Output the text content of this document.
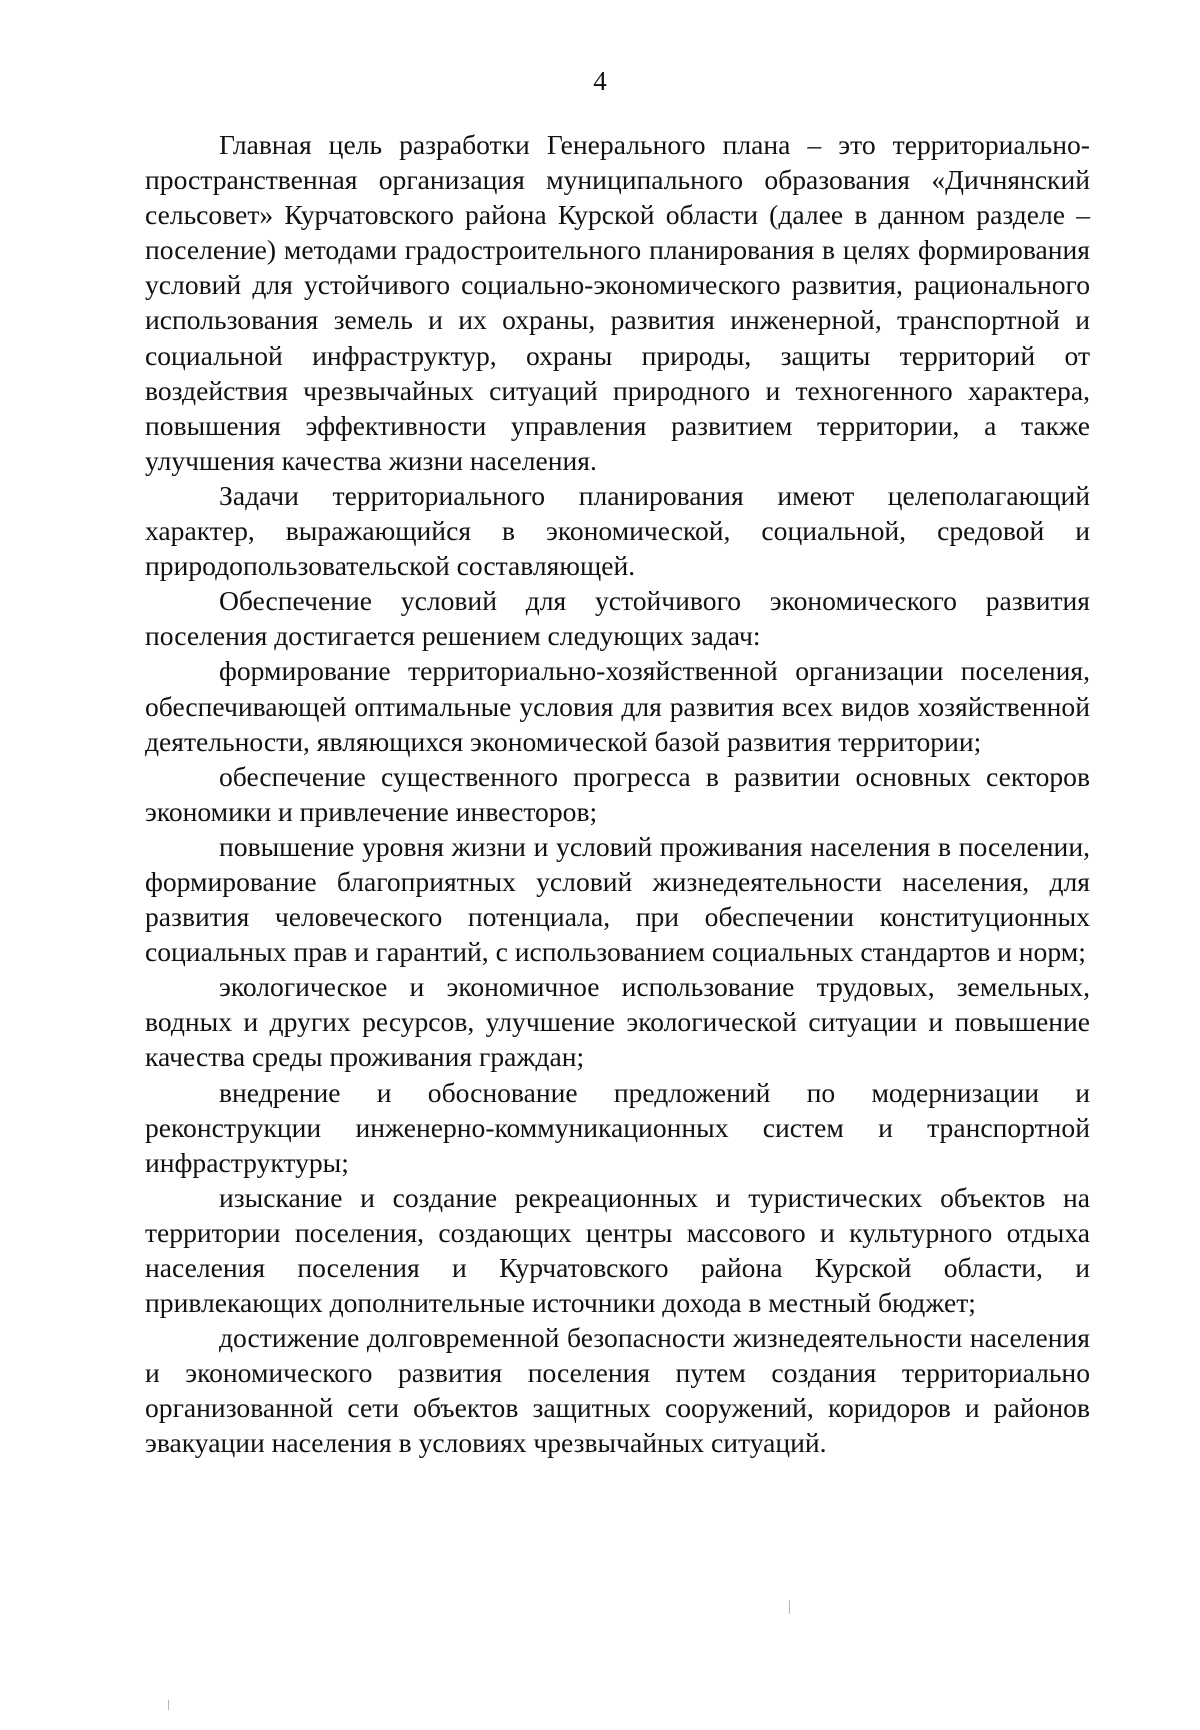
4

Главная цель разработки Генерального плана – это территориально-пространственная организация муниципального образования «Дичнянский сельсовет» Курчатовского района Курской области (далее в данном разделе – поселение) методами градостроительного планирования в целях формирования условий для устойчивого социально-экономического развития, рационального использования земель и их охраны, развития инженерной, транспортной и социальной инфраструктур, охраны природы, защиты территорий от воздействия чрезвычайных ситуаций природного и техногенного характера, повышения эффективности управления развитием территории, а также улучшения качества жизни населения.

Задачи территориального планирования имеют целеполагающий характер, выражающийся в экономической, социальной, средовой и природопользовательской составляющей.

Обеспечение условий для устойчивого экономического развития поселения достигается решением следующих задач:

формирование территориально-хозяйственной организации поселения, обеспечивающей оптимальные условия для развития всех видов хозяйственной деятельности, являющихся экономической базой развития территории;

обеспечение существенного прогресса в развитии основных секторов экономики и привлечение инвесторов;

повышение уровня жизни и условий проживания населения в поселении, формирование благоприятных условий жизнедеятельности населения, для развития человеческого потенциала, при обеспечении конституционных социальных прав и гарантий, с использованием социальных стандартов и норм;

экологическое и экономичное использование трудовых, земельных, водных и других ресурсов, улучшение экологической ситуации и повышение качества среды проживания граждан;

внедрение и обоснование предложений по модернизации и реконструкции инженерно-коммуникационных систем и транспортной инфраструктуры;

изыскание и создание рекреационных и туристических объектов на территории поселения, создающих центры массового и культурного отдыха населения поселения и Курчатовского района Курской области, и привлекающих дополнительные источники дохода в местный бюджет;

достижение долговременной безопасности жизнедеятельности населения и экономического развития поселения путем создания территориально организованной сети объектов защитных сооружений, коридоров и районов эвакуации населения в условиях чрезвычайных ситуаций.
